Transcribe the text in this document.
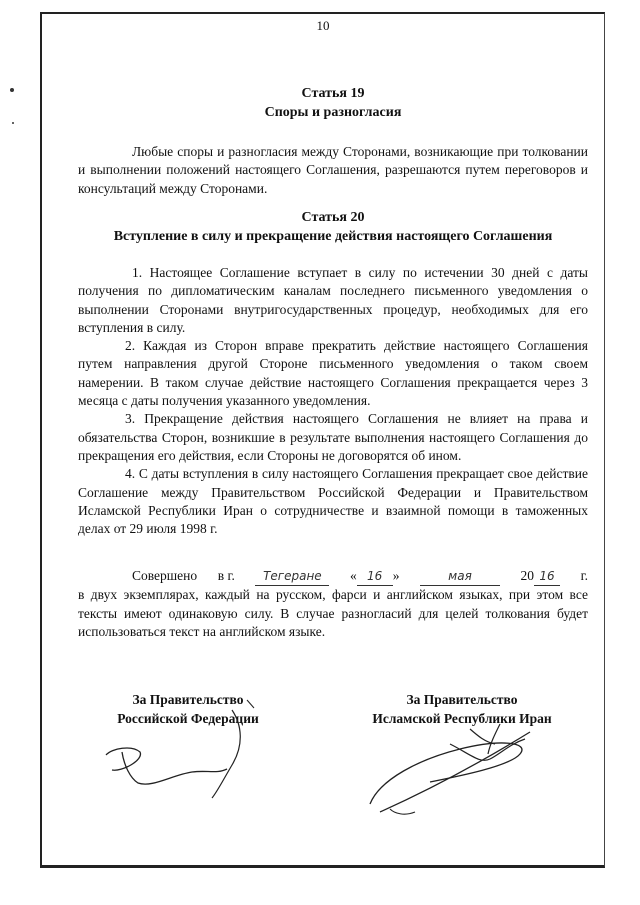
10
Статья 19
Споры и разногласия

Любые споры и разногласия между Сторонами, возникающие при толковании и выполнении положений настоящего Соглашения, разрешаются путем переговоров и консультаций между Сторонами.

Статья 20
Вступление в силу и прекращение действия настоящего Соглашения

1. Настоящее Соглашение вступает в силу по истечении 30 дней с даты получения по дипломатическим каналам последнего письменного уведомления о выполнении Сторонами внутригосударственных процедур, необходимых для его вступления в силу.

2. Каждая из Сторон вправе прекратить действие настоящего Соглашения путем направления другой Стороне письменного уведомления о таком своем намерении. В таком случае действие настоящего Соглашения прекращается через 3 месяца с даты получения указанного уведомления.

3. Прекращение действия настоящего Соглашения не влияет на права и обязательства Сторон, возникшие в результате выполнения настоящего Соглашения до прекращения его действия, если Стороны не договорятся об ином.

4. С даты вступления в силу настоящего Соглашения прекращает свое действие Соглашение между Правительством Российской Федерации и Правительством Исламской Республики Иран о сотрудничестве и взаимной помощи в таможенных делах от 29 июля 1998 г.

Совершено в г.	Тегеране	« 16 »	мая	20 16	г.

в двух экземплярах, каждый на русском, фарси и английском языках, при этом все тексты имеют одинаковую силу. В случае разногласий для целей толкования будет использоваться текст на английском языке.

За Правительство
Российской Федерации
За Правительство
Исламской Республики Иран
